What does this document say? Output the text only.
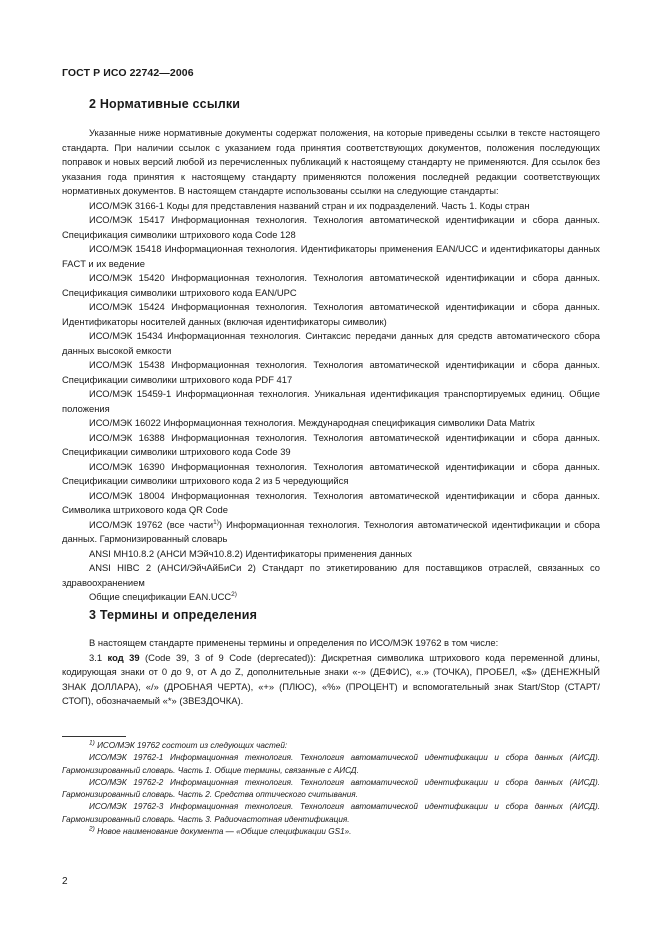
ГОСТ Р ИСО 22742—2006
2 Нормативные ссылки

Указанные ниже нормативные документы содержат положения, на которые приведены ссылки в тексте настоящего стандарта. При наличии ссылок с указанием года принятия соответствующих документов, положения последующих поправок и новых версий любой из перечисленных публикаций к настоящему стандарту не применяются. Для ссылок без указания года принятия к настоящему стандарту применяются положения последней редакции соответствующих нормативных документов. В настоящем стандарте использованы ссылки на следующие стандарты:

ИСО/МЭК 3166-1 Коды для представления названий стран и их подразделений. Часть 1. Коды стран

ИСО/МЭК 15417 Информационная технология. Технология автоматической идентификации и сбора данных. Спецификация символики штрихового кода Code 128

ИСО/МЭК 15418 Информационная технология. Идентификаторы применения EAN/UCC и идентификаторы данных FACT и их ведение

ИСО/МЭК 15420 Информационная технология. Технология автоматической идентификации и сбора данных. Спецификация символики штрихового кода EAN/UPC

ИСО/МЭК 15424 Информационная технология. Технология автоматической идентификации и сбора данных. Идентификаторы носителей данных (включая идентификаторы символик)

ИСО/МЭК 15434 Информационная технология. Синтаксис передачи данных для средств автоматического сбора данных высокой емкости

ИСО/МЭК 15438 Информационная технология. Технология автоматической идентификации и сбора данных. Спецификации символики штрихового кода PDF 417

ИСО/МЭК 15459-1 Информационная технология. Уникальная идентификация транспортируемых единиц. Общие положения

ИСО/МЭК 16022 Информационная технология. Международная спецификация символики Data Matrix

ИСО/МЭК 16388 Информационная технология. Технология автоматической идентификации и сбора данных. Спецификации символики штрихового кода Code 39

ИСО/МЭК 16390 Информационная технология. Технология автоматической идентификации и сбора данных. Спецификации символики штрихового кода 2 из 5 чередующийся

ИСО/МЭК 18004 Информационная технология. Технология автоматической идентификации и сбора данных. Символика штрихового кода QR Code

ИСО/МЭК 19762 (все части$^{1)}$) Информационная технология. Технология автоматической идентификации и сбора данных. Гармонизированный словарь

ANSI MH10.8.2 (АНСИ МЭйч10.8.2) Идентификаторы применения данных

ANSI HIBC 2 (АНСИ/ЭйчАйБиСи 2) Стандарт по этикетированию для поставщиков отраслей, связанных со здравоохранением

Общие спецификации EAN.UCC$^{2)}$

3 Термины и определения

В настоящем стандарте применены термины и определения по ИСО/МЭК 19762 в том числе:

3.1 код 39 (Code 39, 3 of 9 Code (deprecated)): Дискретная символика штрихового кода переменной длины, кодирующая знаки от 0 до 9, от A до Z, дополнительные знаки «-» (ДЕФИС), «.» (ТОЧКА), ПРОБЕЛ, «$» (ДЕНЕЖНЫЙ ЗНАК ДОЛЛАРА), «/» (ДРОБНАЯ ЧЕРТА), «+» (ПЛЮС), «%» (ПРОЦЕНТ) и вспомогательный знак Start/Stop (СТАРТ/СТОП), обозначаемый «*» (ЗВЕЗДОЧКА).

$^{1)}$ ИСО/МЭК 19762 состоит из следующих частей:

ИСО/МЭК 19762-1 Информационная технология. Технология автоматической идентификации и сбора данных (АИСД). Гармонизированный словарь. Часть 1. Общие термины, связанные с АИСД.

ИСО/МЭК 19762-2 Информационная технология. Технология автоматической идентификации и сбора данных (АИСД). Гармонизированный словарь. Часть 2. Средства оптического считывания.

ИСО/МЭК 19762-3 Информационная технология. Технология автоматической идентификации и сбора данных (АИСД). Гармонизированный словарь. Часть 3. Радиочастотная идентификация.

$^{2)}$ Новое наименование документа — «Общие спецификации GS1».

2
